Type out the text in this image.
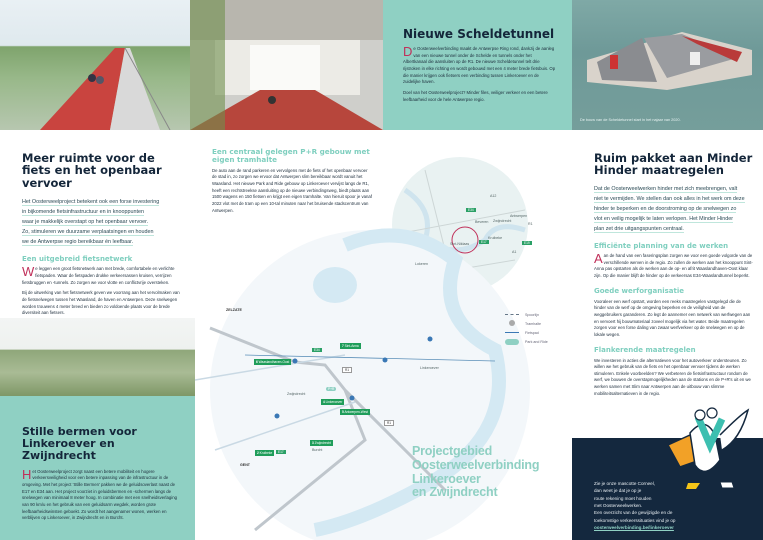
Nieuwe Scheldetunnel

De Oosterweelverbinding maakt de Antwerpse Ring rond, dankzij de aanleg van een nieuwe tunnel onder de Schelde en tunnels onder het Albertkanaal die aansluiten op de R1. De nieuwe Scheldetunnel telt drie rijstroken in elke richting en wordt gebouwd met een 4 meter brede fietsbuis. Op die manier krijgen ook fietsers een verbinding tussen Linkeroever en de zuidelijke haven.

Doel van het Oosterweelproject? Minder files, veiliger verkeer en een betere leefbaarheid voor de hele Antwerpse regio.

De bouw van de Scheldetunnel start in het najaar van 2020.
Meer ruimte voor de fiets en het openbaar vervoer
Het Oosterweelproject betekent ook een forse investering
in bijkomende fietsinfrastructuur en in knooppunten
waar je makkelijk overstapt op het openbaar vervoer.
Zo, stimuleren we duurzame verplaatsingen en houden
we de Antwerpse regio bereikbaar én leefbaar.
Een uitgebreid fietsnetwerk

We leggen een groot fietsnetwerk aan met brede, comfortabele en verlichte fietspaden. Waar de fietspaden drukke verkeersassen kruisen, verrijzen fietsbruggen en -tunnels. Zo zorgen we voor vlotte en conflictvrije oversteken.

Bij de uitwerking van het fietsnetwerk geven we voorrang aan het vervolmaken van de fietsnelwegen tussen het Waasland, de haven en Antwerpen. Deze snelwegen worden trouwens 4 meter breed en bieden zo voldoende plaats voor de brede diversiteit aan fietsers.

Stille bermen voor Linkeroever en Zwijndrecht

Het Oosterweelproject zorgt naast een betere mobiliteit en hogere verkeersveiligheid voor een betere inpassing van de infrastructuur in de omgeving. Met het project 'Stille Bermen' pakken we de geluidsoverlast naast de E17 en E34 aan. Het project voorziet in geluidsbermen en -schermen langs de snelwegen van minimaal 8 meter hoog. In combinatie met een snelheidsverlaging van 90 km/u en het gebruik van een geluidsarm wegdek, worden grote leefbaarheidswinsten geboekt. Zo wordt het aangenamer wonen, werken en verblijven op Linkeroever, in Zwijndrecht en in Burcht.

Een centraal gelegen P+R gebouw met eigen tramhalte

De auto aan de rand parkeren en vervolgens met de fiets of het openbaar vervoer de stad in, zo zorgen we ervoor dat Antwerpen slim bereikbaar wordt vanuit het Waasland. Het nieuwe Park and Ride gebouw op Linkeroever vervijst langs de R1, heeft een rechtstreekse aansluiting op de nieuwe verbindingsweg, biedt plaats aan 1500 wagens en 150 fietsen en krijgt een eigen tramhalte. Van hieruit spoor je vanaf 2022 vlot met de tram op een 10-tal minuten naar het bruisende stadscentrum van Antwerpen.

Antwerpen
Zwijndrecht
Beveren
Kruibeke
Sint-Niklaas
Lokeren
E34
E17	E19
A12
A1
R1
ZELZATE
GENT
Linkeroever
Zwijndrecht
Burcht
E34
R1
E17
R1
6 Waaslandhaven-Oost
7 Sint-Anna
4 Linkeroever
5 Antwerpen-West
3 Zwijndrecht
2 Kruibeke
P+R
Spoorlijn
Tramhalte
Fietspad
Park and Ride
Projectgebied
Oosterweelverbinding
Linkeroever
en Zwijndrecht
Ruim pakket aan Minder Hinder maatregelen
Dat de Oosterweelwerken hinder met zich meebrengen, valt
niet te vermijden. We stellen dan ook alles in het werk om deze
hinder te beperken en de doorstroming op de snelwegen zo
vlot en veilig mogelijk te laten verlopen. Het Minder Hinder
plan zet drie uitgangspunten centraal.
Efficiënte planning van de werken

Aan de hand van een faseringsplan zorgen we voor een goede volgorde van de verschillende werven in de regio. Zo zullen de werken aan het knooppunt Sint-Anna pas opstarten als de werken aan de op- en afrit Waaslandhaven-Oost klaar zijn. Op die manier blijft de hinder op de verkeersas E34-Waaslandtunnel beperkt.

Goede werforganisatie

Vooraleer een werf opstart, worden een reeks maatregelen vastgelegd die de hinder van de werf op de omgeving beperken en de veiligheid van de weggebruikers garanderen. Zo legt de aannemer een netwerk van werfwegen aan en vervoert hij bouwmateriaal zoveel mogelijk via het water. Beide maatregelen zorgen voor een forse daling van zwaar werfverkeer op de snelwegen en op de lokale wegen.

Flankerende maatregelen

We investeren in acties die alternatieven voor het autoverkeer ondersteunen. Zo willen we het gebruik van de fiets en het openbaar vervoer tijdens de werken stimuleren. Enkele voorbeelden? We verbeteren de fietsinfrastructuur rondom de werf, we bouwen de overstapmogelijkheden aan de stations en de P+R's uit en we werken samen met Slim naar Antwerpen aan de uitbouw van slimme mobiliteitsalternatieven in de regio.

Zie je onze mascotte Corneel,
dan weet je dat je op je
route rekening moet houden
met Oosterweelwerken.
Een overzicht van de gewijzigde en de
toekomstige verkeerssituaties vind je op
oosterweelverbinding.be/linkeroever
